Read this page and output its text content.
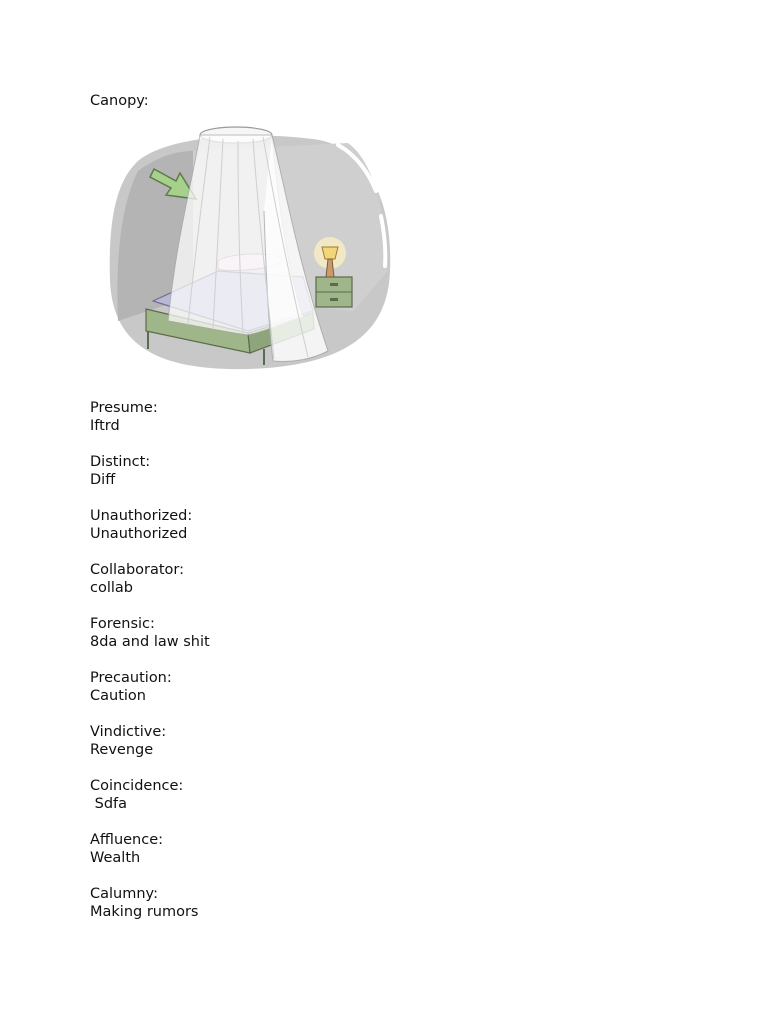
Canopy:
Presume:
Iftrd
Distinct:
Diff
Unauthorized:
Unauthorized
Collaborator:
collab
Forensic:
8da and law shit
Precaution:
Caution
Vindictive:
Revenge
Coincidence:
Sdfa
Affluence:
Wealth
Calumny:
Making rumors
